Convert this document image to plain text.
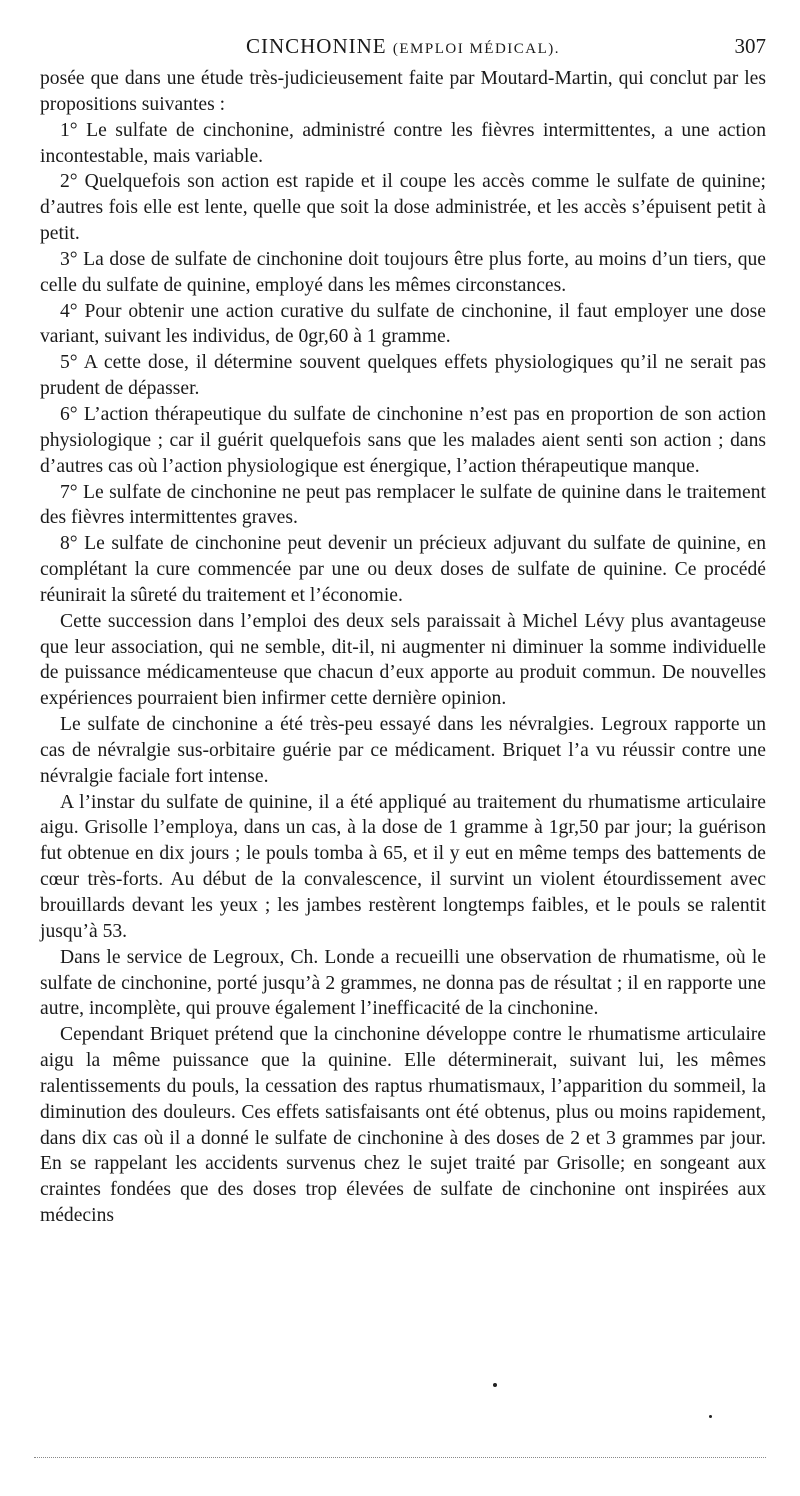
CINCHONINE (EMPLOI MÉDICAL).	307

posée que dans une étude très-judicieusement faite par Moutard-Martin, qui conclut par les propositions suivantes :

1° Le sulfate de cinchonine, administré contre les fièvres intermittentes, a une action incontestable, mais variable.

2° Quelquefois son action est rapide et il coupe les accès comme le sulfate de quinine; d’autres fois elle est lente, quelle que soit la dose administrée, et les accès s’épuisent petit à petit.

3° La dose de sulfate de cinchonine doit toujours être plus forte, au moins d’un tiers, que celle du sulfate de quinine, employé dans les mêmes circonstances.

4° Pour obtenir une action curative du sulfate de cinchonine, il faut employer une dose variant, suivant les individus, de 0gr,60 à 1 gramme.

5° A cette dose, il détermine souvent quelques effets physiologiques qu’il ne serait pas prudent de dépasser.

6° L’action thérapeutique du sulfate de cinchonine n’est pas en proportion de son action physiologique ; car il guérit quelquefois sans que les malades aient senti son action ; dans d’autres cas où l’action physiologique est énergique, l’action thérapeutique manque.

7° Le sulfate de cinchonine ne peut pas remplacer le sulfate de quinine dans le traitement des fièvres intermittentes graves.

8° Le sulfate de cinchonine peut devenir un précieux adjuvant du sulfate de quinine, en complétant la cure commencée par une ou deux doses de sulfate de quinine. Ce procédé réunirait la sûreté du traitement et l’économie.

Cette succession dans l’emploi des deux sels paraissait à Michel Lévy plus avantageuse que leur association, qui ne semble, dit-il, ni augmenter ni diminuer la somme individuelle de puissance médicamenteuse que chacun d’eux apporte au produit commun. De nouvelles expériences pourraient bien infirmer cette dernière opinion.

Le sulfate de cinchonine a été très-peu essayé dans les névralgies. Legroux rapporte un cas de névralgie sus-orbitaire guérie par ce médicament. Briquet l’a vu réussir contre une névralgie faciale fort intense.

A l’instar du sulfate de quinine, il a été appliqué au traitement du rhumatisme articulaire aigu. Grisolle l’employa, dans un cas, à la dose de 1 gramme à 1gr,50 par jour; la guérison fut obtenue en dix jours ; le pouls tomba à 65, et il y eut en même temps des battements de cœur très-forts. Au début de la convalescence, il survint un violent étourdissement avec brouillards devant les yeux ; les jambes restèrent longtemps faibles, et le pouls se ralentit jusqu’à 53.

Dans le service de Legroux, Ch. Londe a recueilli une observation de rhumatisme, où le sulfate de cinchonine, porté jusqu’à 2 grammes, ne donna pas de résultat ; il en rapporte une autre, incomplète, qui prouve également l’inefficacité de la cinchonine.

Cependant Briquet prétend que la cinchonine développe contre le rhumatisme articulaire aigu la même puissance que la quinine. Elle déterminerait, suivant lui, les mêmes ralentissements du pouls, la cessation des raptus rhumatismaux, l’apparition du sommeil, la diminution des douleurs. Ces effets satisfaisants ont été obtenus, plus ou moins rapidement, dans dix cas où il a donné le sulfate de cinchonine à des doses de 2 et 3 grammes par jour. En se rappelant les accidents survenus chez le sujet traité par Grisolle; en songeant aux craintes fondées que des doses trop élevées de sulfate de cinchonine ont inspirées aux médecins
